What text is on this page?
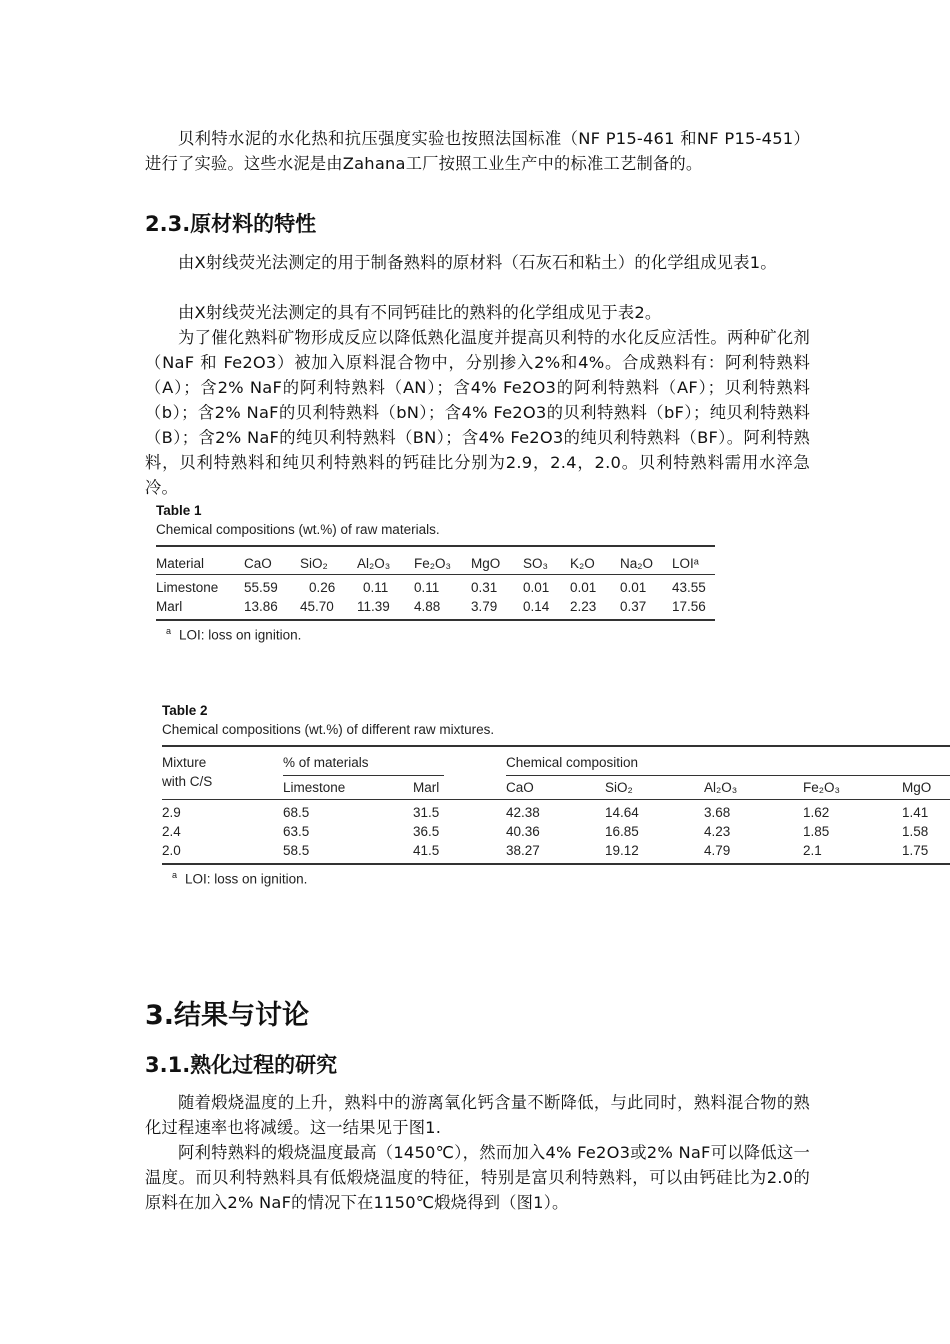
贝利特水泥的水化热和抗压强度实验也按照法国标准（NF P15-461 和NF P15-451）进行了实验。这些水泥是由Zahana工厂按照工业生产中的标准工艺制备的。

2.3.原材料的特性

由X射线荧光法测定的用于制备熟料的原材料（石灰石和粘土）的化学组成见表1。

由X射线荧光法测定的具有不同钙硅比的熟料的化学组成见于表2。

为了催化熟料矿物形成反应以降低熟化温度并提高贝利特的水化反应活性。两种矿化剂（NaF 和 Fe2O3）被加入原料混合物中，分别掺入2%和4%。合成熟料有：阿利特熟料（A）；含2% NaF的阿利特熟料（AN）；含4% Fe2O3的阿利特熟料（AF）；贝利特熟料（b）；含2% NaF的贝利特熟料（bN）；含4% Fe2O3的贝利特熟料（bF）；纯贝利特熟料（B）；含2% NaF的纯贝利特熟料（BN）；含4% Fe2O3的纯贝利特熟料（BF）。阿利特熟料，贝利特熟料和纯贝利特熟料的钙硅比分别为2.9，2.4，2.0。贝利特熟料需用水淬急冷。

Table 1
Chemical compositions (wt.%) of raw materials.
Material	CaO	SiO₂	Al₂O₃	Fe₂O₃	MgO	SO₃	K₂O	Na₂O	LOIᵃ
Limestone	55.59	0.26	0.11	0.11	0.31	0.01	0.01	0.01	43.55
Marl	13.86	45.70	11.39	4.88	3.79	0.14	2.23	0.37	17.56
$^a$ LOI: loss on ignition.
Table 2
Chemical compositions (wt.%) of different raw mixtures.
Mixture
with C/S
% of materials	Chemical composition
Limestone	Marl	CaO	SiO₂	Al₂O₃	Fe₂O₃	MgO
2.9	68.5	31.5	42.38	14.64	3.68	1.62	1.41
2.4	63.5	36.5	40.36	16.85	4.23	1.85	1.58
2.0	58.5	41.5	38.27	19.12	4.79	2.1	1.75
$^a$ LOI: loss on ignition.
3.结果与讨论
3.1.熟化过程的研究

随着煅烧温度的上升，熟料中的游离氧化钙含量不断降低，与此同时，熟料混合物的熟化过程速率也将减缓。这一结果见于图1.

阿利特熟料的煅烧温度最高（1450℃），然而加入4% Fe2O3或2% NaF可以降低这一温度。而贝利特熟料具有低煅烧温度的特征，特别是富贝利特熟料，可以由钙硅比为2.0的原料在加入2% NaF的情况下在1150℃煅烧得到（图1）。
